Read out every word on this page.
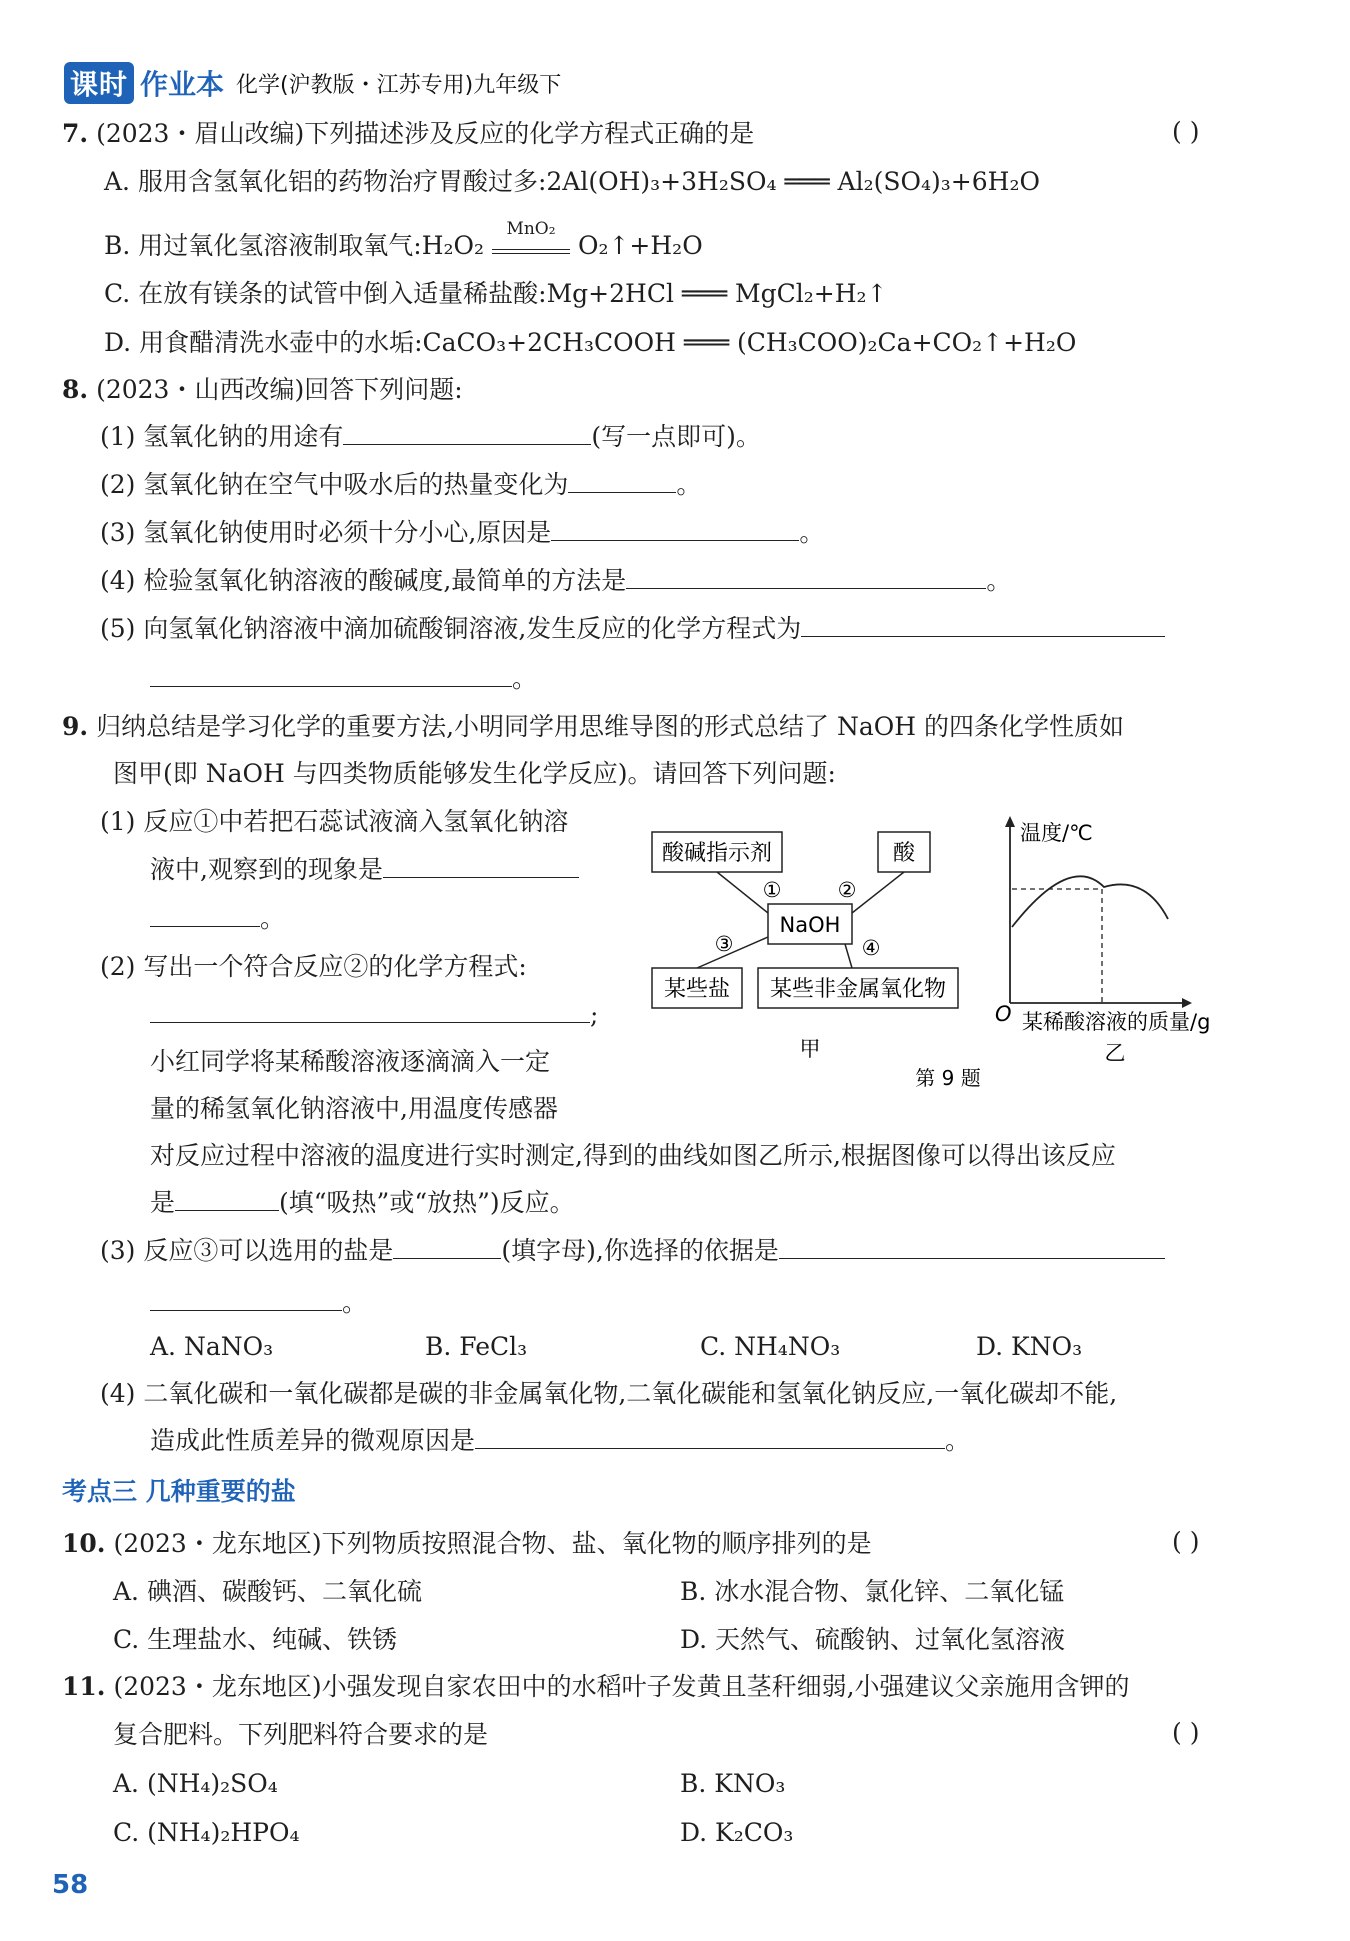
课时 作业本 化学(沪教版・江苏专用)九年级下
7. (2023・眉山改编)下列描述涉及反应的化学方程式正确的是	( )
A. 服用含氢氧化铝的药物治疗胃酸过多:2Al(OH)₃+3H₂SO₄ ═══ Al₂(SO₄)₃+6H₂O
B. 用过氧化氢溶液制取氧气:H₂O₂
MnO₂
O₂↑+H₂O
C. 在放有镁条的试管中倒入适量稀盐酸:Mg+2HCl ═══ MgCl₂+H₂↑
D. 用食醋清洗水壶中的水垢:CaCO₃+2CH₃COOH ═══ (CH₃COO)₂Ca+CO₂↑+H₂O
8. (2023・山西改编)回答下列问题:
(1) 氢氧化钠的用途有	(写一点即可)。
(2) 氢氧化钠在空气中吸水后的热量变化为	。
(3) 氢氧化钠使用时必须十分小心,原因是	。
(4) 检验氢氧化钠溶液的酸碱度,最简单的方法是	。
(5) 向氢氧化钠溶液中滴加硫酸铜溶液,发生反应的化学方程式为
。
9. 归纳总结是学习化学的重要方法,小明同学用思维导图的形式总结了 NaOH 的四条化学性质如
图甲(即 NaOH 与四类物质能够发生化学反应)。请回答下列问题:
(1) 反应①中若把石蕊试液滴入氢氧化钠溶
液中,观察到的现象是
。
(2) 写出一个符合反应②的化学方程式:
;
小红同学将某稀酸溶液逐滴滴入一定
量的稀氢氧化钠溶液中,用温度传感器
对反应过程中溶液的温度进行实时测定,得到的曲线如图乙所示,根据图像可以得出该反应
是	(填“吸热”或“放热”)反应。
(3) 反应③可以选用的盐是	(填字母),你选择的依据是
。
A. NaNO₃	B. FeCl₃	C. NH₄NO₃	D. KNO₃
(4) 二氧化碳和一氧化碳都是碳的非金属氧化物,二氧化碳能和氢氧化钠反应,一氧化碳却不能,
造成此性质差异的微观原因是	。
酸碱指示剂	酸
NaOH
某些盐 某些非金属氧化物
①	②
③	④
甲
温度/℃
O 某稀酸溶液的质量/g
乙
第 9 题
考点三 几种重要的盐
10. (2023・龙东地区)下列物质按照混合物、盐、氧化物的顺序排列的是	( )
A. 碘酒、碳酸钙、二氧化硫	B. 冰水混合物、氯化锌、二氧化锰
C. 生理盐水、纯碱、铁锈	D. 天然气、硫酸钠、过氧化氢溶液
11. (2023・龙东地区)小强发现自家农田中的水稻叶子发黄且茎秆细弱,小强建议父亲施用含钾的
复合肥料。下列肥料符合要求的是	( )
A. (NH₄)₂SO₄	B. KNO₃
C. (NH₄)₂HPO₄	D. K₂CO₃
58
